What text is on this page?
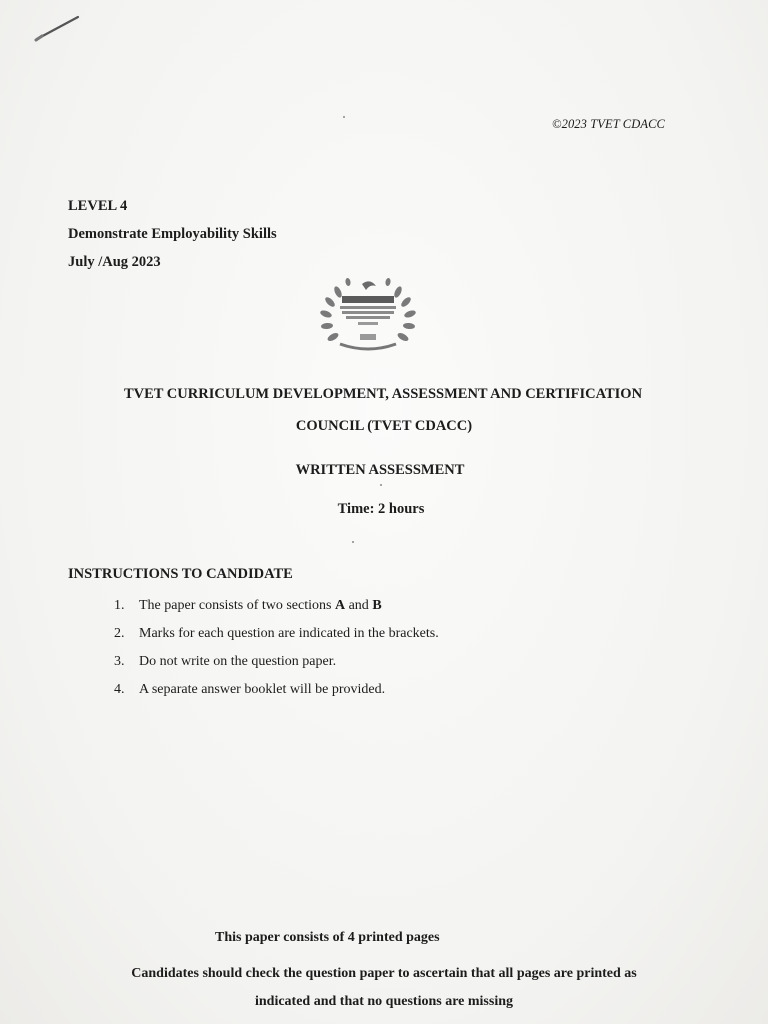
©2023 TVET CDACC
LEVEL 4
Demonstrate Employability Skills
July /Aug 2023
TVET CURRICULUM DEVELOPMENT, ASSESSMENT AND CERTIFICATION
COUNCIL (TVET CDACC)
WRITTEN ASSESSMENT
Time: 2 hours
INSTRUCTIONS TO CANDIDATE
1.	The paper consists of two sections A and B
2.	Marks for each question are indicated in the brackets.
3.	Do not write on the question paper.
4.	A separate answer booklet will be provided.
This paper consists of 4 printed pages
Candidates should check the question paper to ascertain that all pages are printed as
indicated and that no questions are missing
